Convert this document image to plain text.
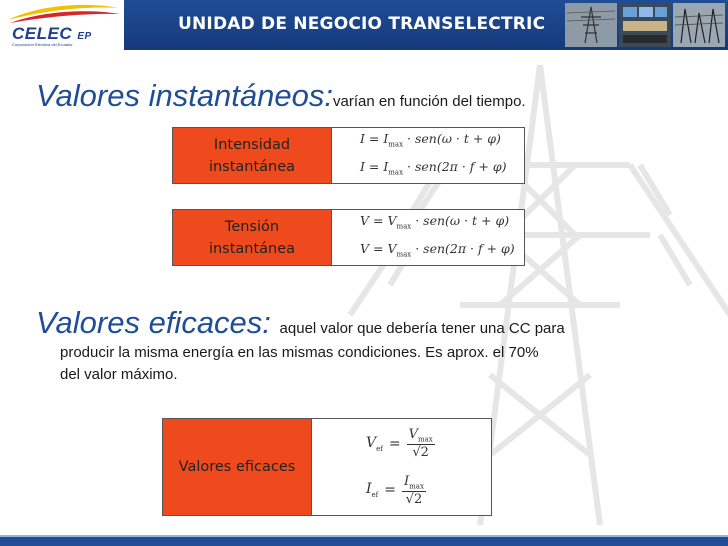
CELEC EP
Corporación Eléctrica del Ecuador
UNIDAD DE NEGOCIO TRANSELECTRIC
Valores instantáneos:varían en función del tiempo.
Intensidad
instantánea
$I = I_{max} \cdot sen(\omega \cdot t + \varphi)$
$I = I_{max} \cdot sen(2\pi \cdot f + \varphi)$
Tensión
instantánea
$V = V_{max} \cdot sen(\omega \cdot t + \varphi)$
$V = V_{max} \cdot sen(2\pi \cdot f + \varphi)$
Valores eficaces: aquel valor que debería tener una CC para
producir la misma energía en las mismas condiciones. Es aprox. el 70%
del valor máximo.
Valores eficaces
$V_{ef} = \frac{V_{max}}{√2}$
$I_{ef} = \frac{I_{max}}{√2}$
